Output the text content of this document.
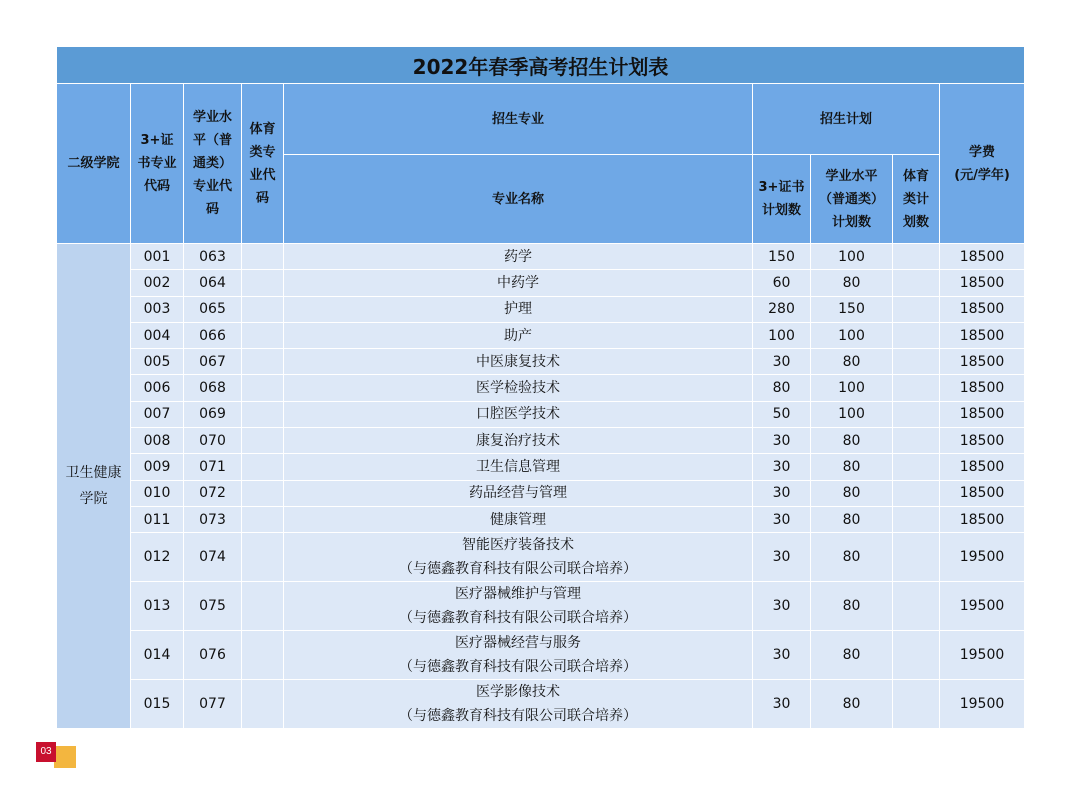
2022年春季高考招生计划表								
二级学院	3+证
书专业
代码	学业水
平（普
通类）
专业代
码	体育
类专
业代
码	招生专业	招生计划			学费
(元/学年)

				专业名称	3+证书
计划数	学业水平
（普通类）
计划数	体育
类计
划数	

卫生健康
学院	001	063		药学	150	100		18500
	002	064		中药学	60	80		18500
	003	065		护理	280	150		18500
	004	066		助产	100	100		18500
	005	067		中医康复技术	30	80		18500
	006	068		医学检验技术	80	100		18500
	007	069		口腔医学技术	50	100		18500
	008	070		康复治疗技术	30	80		18500
	009	071		卫生信息管理	30	80		18500
	010	072		药品经营与管理	30	80		18500
	011	073		健康管理	30	80		18500
	012	074		智能医疗装备技术
（与德鑫教育科技有限公司联合培养）	30	80		19500
	013	075		医疗器械维护与管理
（与德鑫教育科技有限公司联合培养）	30	80		19500
	014	076		医疗器械经营与服务
（与德鑫教育科技有限公司联合培养）	30	80		19500
	015	077		医学影像技术
（与德鑫教育科技有限公司联合培养）	30	80		19500
03
